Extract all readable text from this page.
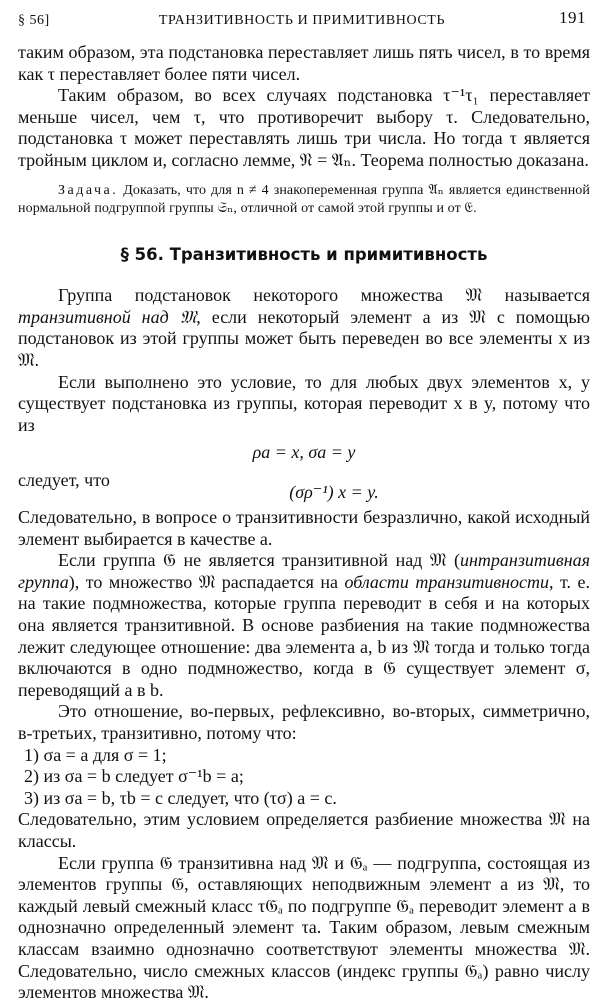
§ 56]	ТРАНЗИТИВНОСТЬ И ПРИМИТИВНОСТЬ	191

таким образом, эта подстановка переставляет лишь пять чисел, в то время как τ переставляет более пяти чисел.

Таким образом, во всех случаях подстановка τ⁻¹τ₁ переставляет меньше чисел, чем τ, что противоречит выбору τ. Следовательно, подстановка τ может переставлять лишь три числа. Но тогда τ является тройным циклом и, согласно лемме, 𝔑 = 𝔄ₙ. Теорема полностью доказана.

Задача. Доказать, что для n ≠ 4 знакопеременная группа 𝔄ₙ является единственной нормальной подгруппой группы 𝔖ₙ, отличной от самой этой группы и от 𝔈.

§ 56. Транзитивность и примитивность

Группа подстановок некоторого множества 𝔐 называется транзитивной над 𝔐, если некоторый элемент a из 𝔐 с помощью подстановок из этой группы может быть переведен во все элементы x из 𝔐.

Если выполнено это условие, то для любых двух элементов x, y существует подстановка из группы, которая переводит x в y, потому что из

ρa = x, σa = y

следует, что

(σρ⁻¹) x = y.

Следовательно, в вопросе о транзитивности безразлично, какой исходный элемент выбирается в качестве a.

Если группа 𝔊 не является транзитивной над 𝔐 (интранзитивная группа), то множество 𝔐 распадается на области транзитивности, т. е. на такие подмножества, которые группа переводит в себя и на которых она является транзитивной. В основе разбиения на такие подмножества лежит следующее отношение: два элемента a, b из 𝔐 тогда и только тогда включаются в одно подмножество, когда в 𝔊 существует элемент σ, переводящий a в b.

Это отношение, во-первых, рефлексивно, во-вторых, симметрично, в-третьих, транзитивно, потому что:

1) σa = a для σ = 1;
2) из σa = b следует σ⁻¹b = a;
3) из σa = b, τb = c следует, что (τσ) a = c.

Следовательно, этим условием определяется разбиение множества 𝔐 на классы.

Если группа 𝔊 транзитивна над 𝔐 и 𝔊ₐ — подгруппа, состоящая из элементов группы 𝔊, оставляющих неподвижным элемент a из 𝔐, то каждый левый смежный класс τ𝔊ₐ по подгруппе 𝔊ₐ переводит элемент a в однозначно определенный элемент τa. Таким образом, левым смежным классам взаимно однозначно соответствуют элементы множества 𝔐. Следовательно, число смежных классов (индекс группы 𝔊ₐ) равно числу элементов множества 𝔐.
